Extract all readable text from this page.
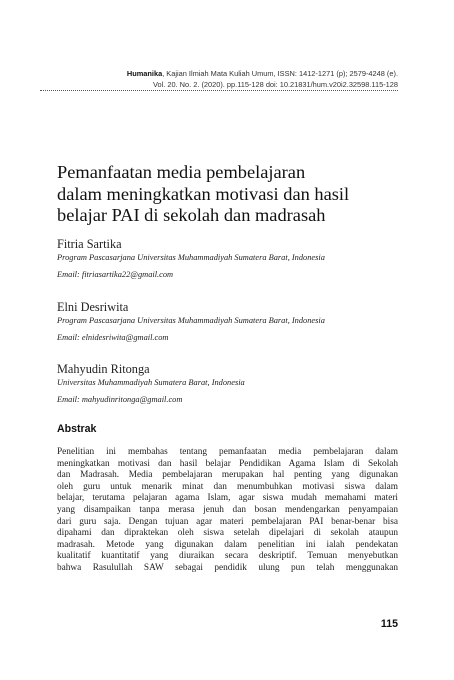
Humanika, Kajian Ilmiah Mata Kuliah Umum, ISSN: 1412-1271 (p); 2579-4248 (e).
Vol. 20. No. 2. (2020). pp.115-128 doi: 10.21831/hum.v20i2.32598.115-128
Pemanfaatan media pembelajaran
dalam meningkatkan motivasi dan hasil
belajar PAI di sekolah dan madrasah
Fitria Sartika
Program Pascasarjana Universitas Muhammadiyah Sumatera Barat, Indonesia
Email: fitriasartika22@gmail.com
Elni Desriwita
Program Pascasarjana Universitas Muhammadiyah Sumatera Barat, Indonesia
Email: elnidesriwita@gmail.com
Mahyudin Ritonga
Universitas Muhammadiyah Sumatera Barat, Indonesia
Email: mahyudinritonga@gmail.com
Abstrak
Penelitian ini membahas tentang pemanfaatan media pembelajaran dalam
meningkatkan motivasi dan hasil belajar Pendidikan Agama Islam di Sekolah
dan Madrasah. Media pembelajaran merupakan hal penting yang digunakan
oleh guru untuk menarik minat dan menumbuhkan motivasi siswa dalam
belajar, terutama pelajaran agama Islam, agar siswa mudah memahami materi
yang disampaikan tanpa merasa jenuh dan bosan mendengarkan penyampaian
dari guru saja. Dengan tujuan agar materi pembelajaran PAI benar-benar bisa
dipahami dan dipraktekan oleh siswa setelah dipelajari di sekolah ataupun
madrasah. Metode yang digunakan dalam penelitian ini ialah pendekatan
kualitatif kuantitatif yang diuraikan secara deskriptif. Temuan menyebutkan
bahwa Rasulullah SAW sebagai pendidik ulung pun telah menggunakan
115
